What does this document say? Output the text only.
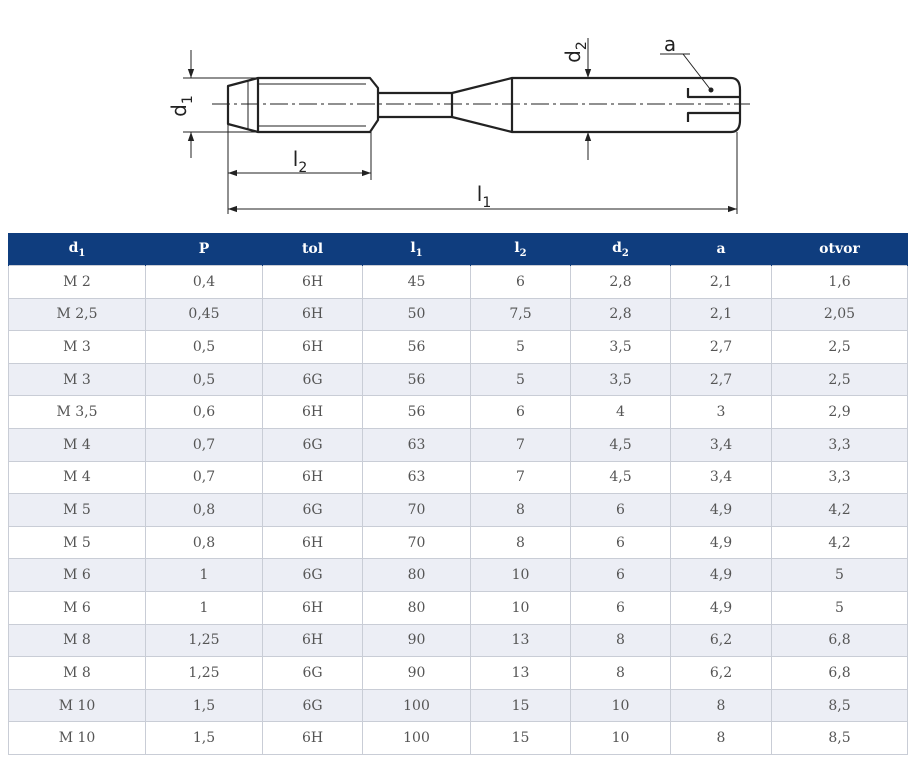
$d_1$
$d_2$	a
$l_2$
$l_1$
$d_1$	P	tol	$l_1$	$l_2$	$d_2$	a	otvor
M 2	0,4	6H	45	6	2,8	2,1	1,6
M 2,5	0,45	6H	50	7,5	2,8	2,1	2,05
M 3	0,5	6H	56	5	3,5	2,7	2,5
M 3	0,5	6G	56	5	3,5	2,7	2,5
M 3,5	0,6	6H	56	6	4	3	2,9
M 4	0,7	6G	63	7	4,5	3,4	3,3
M 4	0,7	6H	63	7	4,5	3,4	3,3
M 5	0,8	6G	70	8	6	4,9	4,2
M 5	0,8	6H	70	8	6	4,9	4,2
M 6	1	6G	80	10	6	4,9	5
M 6	1	6H	80	10	6	4,9	5
M 8	1,25	6H	90	13	8	6,2	6,8
M 8	1,25	6G	90	13	8	6,2	6,8
M 10	1,5	6G	100	15	10	8	8,5
M 10	1,5	6H	100	15	10	8	8,5
